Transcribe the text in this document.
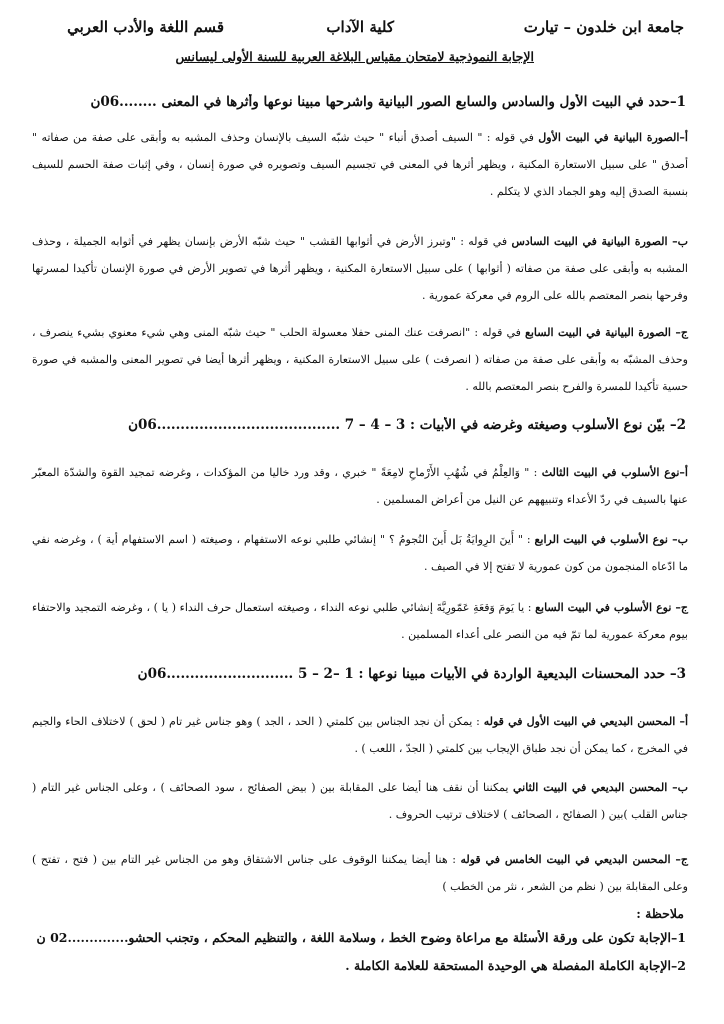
جامعة ابن خلدون – تيارت
كلية الآداب
قسم اللغة والأدب العربي
الإجابة النموذجية لامتحان مقياس البلاغة العربية للسنة الأولى ليسانس
1–حدد في البيت الأول والسادس والسابع الصور البيانية واشرحها مبينا نوعها وأثرها في المعنى ........06ن

أ–الصورة البيانية في البيت الأول في قوله : " السيف أصدق أنباء " حيث شبّه السيف بالإنسان وحذف المشبه به وأبقى على صفة من صفاته " أصدق " على سبيل الاستعارة المكنية ، ويظهر أثرها في المعنى في تجسيم السيف وتصويره في صورة إنسان ، وفي إثبات صفة الحسم للسيف بنسبة الصدق إليه وهو الجماد الذي لا يتكلم .

ب– الصورة البيانية في البيت السادس في قوله : "وتبرز الأرض في أثوابها القشب " حيث شبّه الأرض بإنسان يظهر في أثوابه الجميلة ، وحذف المشبه به وأبقى على صفة من صفاته ( أثوابها ) على سبيل الاستعارة المكنية ، ويظهر أثرها في تصوير الأرض في صورة الإنسان تأكيدا لمسرتها وفرحها بنصر المعتصم بالله على الروم في معركة عمورية .

ج– الصورة البيانية في البيت السابع في قوله : "انصرفت عنك المنى حفلا معسولة الحلب " حيث شبّه المنى وهي شيء معنوي بشيء ينصرف ، وحذف المشبّه به وأبقى على صفة من صفاته ( انصرفت ) على سبيل الاستعارة المكنية ، ويظهر أثرها أيضا في تصوير المعنى والمشبه في صورة حسية تأكيدا للمسرة والفرح بنصر المعتصم بالله .

2– بيّن نوع الأسلوب وصيغته وغرضه في الأبيات : 3 – 4 – 7 .......................................06ن

أ–نوع الأسلوب في البيت الثالث : " وَالعِلْمُ في شُهُبِ الأَرْماحِ لامِعَةً " خبري ، وقد ورد خاليا من المؤكدات ، وغرضه تمجيد القوة والشدّة المعبّر عنها بالسيف في ردّ الأعداء وتنبيههم عن النيل من أعراض المسلمين .

ب– نوع الأسلوب في البيت الرابع : " أَينَ الرِوايَةُ بَل أَينَ النُجومُ ؟ " إنشائي طلبي نوعه الاستفهام ، وصيغته ( اسم الاستفهام أية ) ، وغرضه نفي ما ادّعاه المنجمون من كون عمورية لا تفتح إلا في الصيف .

ج– نوع الأسلوب في البيت السابع : يا يَومَ وَقعَةِ عَمّورِيَّةَ إنشائي طلبي نوعه النداء ، وصيغته استعمال حرف النداء ( يا ) ، وغرضه التمجيد والاحتفاء بيوم معركة عمورية لما تمّ فيه من النصر على أعداء المسلمين .

3– حدد المحسنات البديعية الواردة في الأبيات مبينا نوعها : 1 –2 – 5 ...........................06ن

أ– المحسن البديعي في البيت الأول في قوله : يمكن أن نجد الجناس بين كلمتي ( الحد ، الجد ) وهو جناس غير تام ( لحق ) لاختلاف الحاء والجيم في المخرج ، كما يمكن أن نجد طباق الإيجاب بين كلمتي ( الجدّ ، اللعب ) .

ب– المحسن البديعي في البيت الثاني يمكننا أن نقف هنا أيضا على المقابلة بين ( بيض الصفائح ، سود الصحائف ) ، وعلى الجناس غير التام ( جناس القلب )بين ( الصفائح ، الصحائف ) لاختلاف ترتيب الحروف .

ج– المحسن البديعي في البيت الخامس في قوله : هنا أيضا يمكننا الوقوف على جناس الاشتقاق وهو من الجناس غير التام بين ( فتح ، تفتح ) وعلى المقابلة بين ( نظم من الشعر ، نثر من الخطب )

ملاحظة :
1–الإجابة تكون على ورقة الأسئلة مع مراعاة وضوح الخط ، وسلامة اللغة ، والتنظيم المحكم ، وتجنب الحشو..............02 ن
2–الإجابة الكاملة المفصلة هي الوحيدة المستحقة للعلامة الكاملة .
